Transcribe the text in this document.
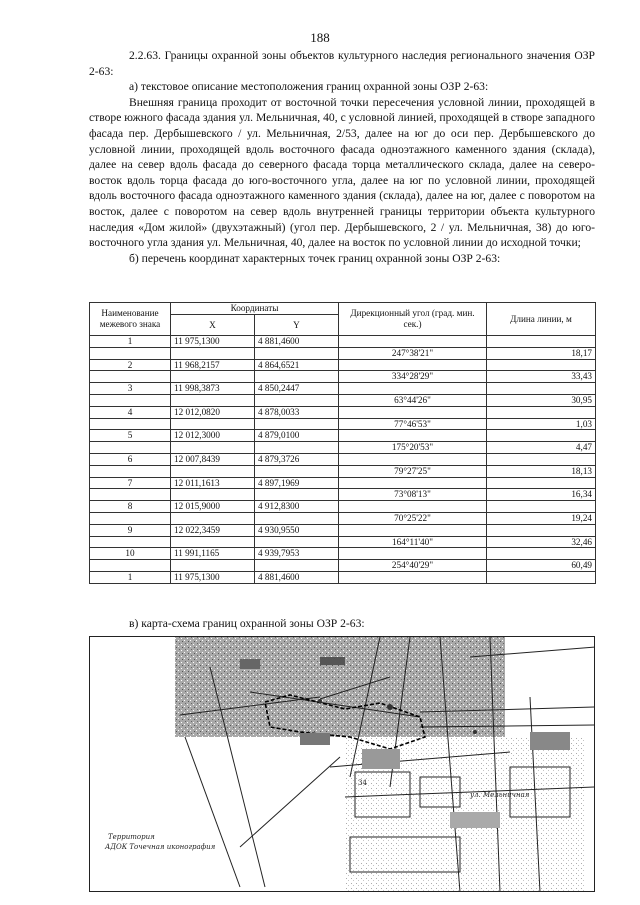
188

2.2.63. Границы охранной зоны объектов культурного наследия регионального значения ОЗР 2-63:

а) текстовое описание местоположения границ охранной зоны ОЗР 2-63:

Внешняя граница проходит от восточной точки пересечения условной линии, проходящей в створе южного фасада здания ул. Мельничная, 40, с условной линией, проходящей в створе западного фасада пер. Дербышевского / ул. Мельничная, 2/53, далее на юг до оси пер. Дербышевского до условной линии, проходящей вдоль восточного фасада одноэтажного каменного здания (склада), далее на север вдоль фасада до северного фасада торца металлического склада, далее на северо-восток вдоль торца фасада до юго-восточного угла, далее на юг по условной линии, проходящей вдоль восточного фасада одноэтажного каменного здания (склада), далее на юг, далее с поворотом на восток, далее с поворотом на север вдоль внутренней границы территории объекта культурного наследия «Дом жилой» (двухэтажный) (угол пер. Дербышевского, 2 / ул. Мельничная, 38) до юго-восточного угла здания ул. Мельничная, 40, далее на восток по условной линии до исходной точки;

б) перечень координат характерных точек границ охранной зоны ОЗР 2-63:

Наименование межевого знака	Координаты		Дирекционный угол (град. мин. сек.)	Длина линии, м
	X	Y		
1	11 975,1300	4 881,4600		
			247°38'21"	18,17
2	11 968,2157	4 864,6521		
			334°28'29"	33,43
3	11 998,3873	4 850,2447		
			63°44'26"	30,95
4	12 012,0820	4 878,0033		
			77°46'53"	1,03
5	12 012,3000	4 879,0100		
			175°20'53"	4,47
6	12 007,8439	4 879,3726		
			79°27'25"	18,13
7	12 011,1613	4 897,1969		
			73°08'13"	16,34
8	12 015,9000	4 912,8300		
			70°25'22"	19,24
9	12 022,3459	4 930,9550		
			164°11'40"	32,46
10	11 991,1165	4 939,7953		
			254°40'29"	60,49
1	11 975,1300	4 881,4600		
в) карта-схема границ охранной зоны ОЗР 2-63:
Территория
АДОК Точечная иконография
ул. Мельничная
34
